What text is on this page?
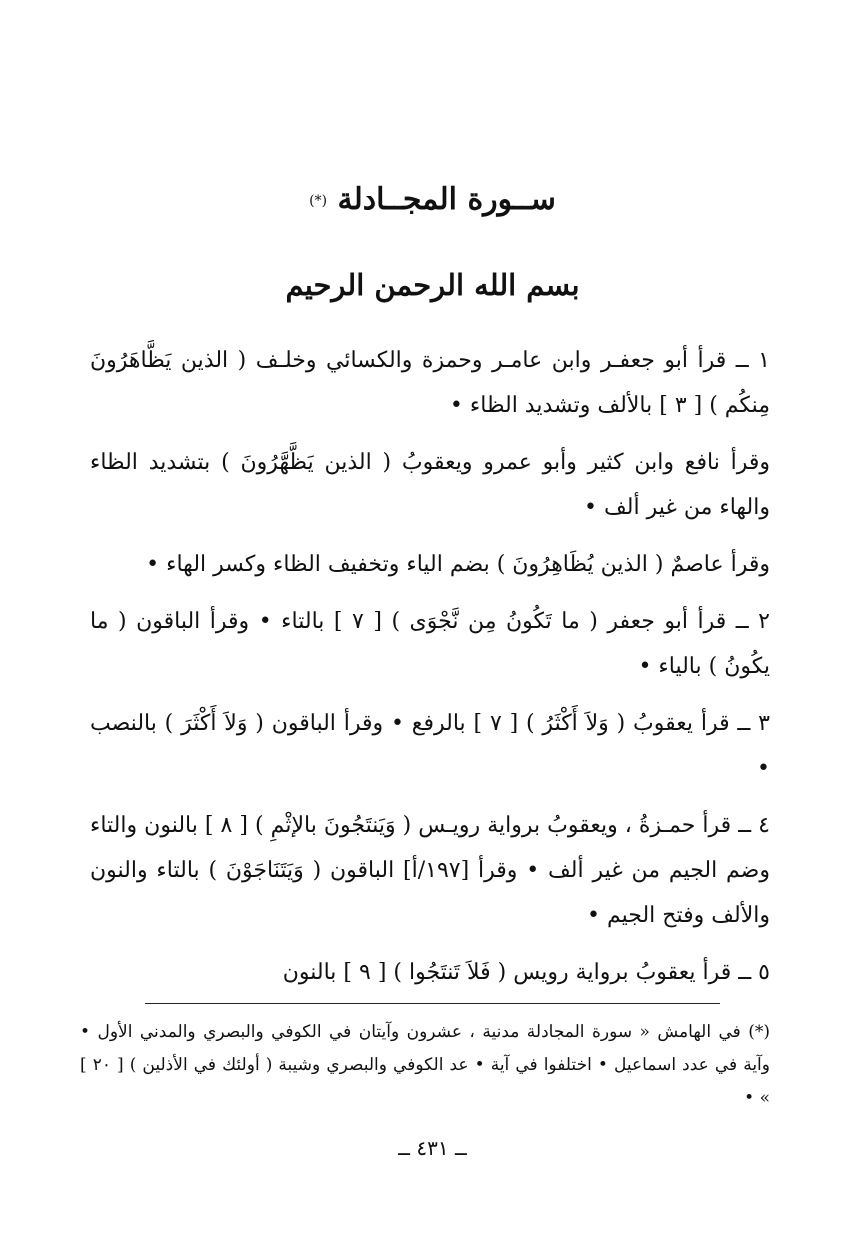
ســورة المجــادلة (*)
بسم الله الرحمن الرحيم

١ ــ قرأ أبو جعفـر وابن عامـر وحمزة والكسائي وخلـف ( الذين يَظَّاهَرُونَ مِنكُم ) [ ٣ ] بالألف وتشديد الظاء •

وقرأ نافع وابن كثير وأبو عمرو ويعقوبُ ( الذين يَظَّهَّرُونَ ) بتشديد الظاء والهاء من غير ألف •

وقرأ عاصمٌ ( الذين يُظَاهِرُونَ ) بضم الياء وتخفيف الظاء وكسر الهاء •

٢ ــ قرأ أبو جعفر ( ما تَكُونُ مِن نَّجْوَى ) [ ٧ ] بالتاء • وقرأ الباقون ( ما يكُونُ ) بالياء •

٣ ــ قرأ يعقوبُ ( وَلاَ أَكْثَرُ ) [ ٧ ] بالرفع • وقرأ الباقون ( وَلاَ أَكْثَرَ ) بالنصب •

٤ ــ قرأ حمـزةُ ، ويعقوبُ برواية رويـس ( وَيَنتَجُونَ بالإثْمِ ) [ ٨ ] بالنون والتاء وضم الجيم من غير ألف • وقرأ [١٩٧/أ] الباقون ( وَيَتَنَاجَوْنَ ) بالتاء والنون والألف وفتح الجيم •

٥ ــ قرأ يعقوبُ برواية رويس ( فَلاَ تَنتَجُوا ) [ ٩ ] بالنون

(*) في الهامش « سورة المجادلة مدنية ، عشرون وآيتان في الكوفي والبصري والمدني الأول • وآية في عدد اسماعيل • اختلفوا في آية • عد الكوفي والبصري وشيبة ( أولئك في الأذلين ) [ ٢٠ ] » •
ــ ٤٣١ ــ
